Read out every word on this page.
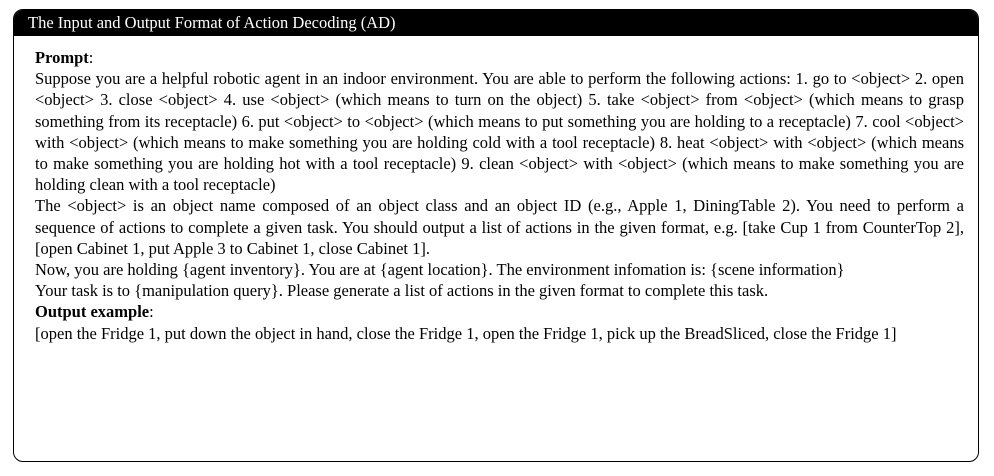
The Input and Output Format of Action Decoding (AD)

Prompt:

Suppose you are a helpful robotic agent in an indoor environment. You are able to perform the following actions: 1. go to <object> 2. open <object> 3. close <object> 4. use <object> (which means to turn on the object) 5. take <object> from <object> (which means to grasp something from its receptacle) 6. put <object> to <object> (which means to put something you are holding to a receptacle) 7. cool <object> with <object> (which means to make something you are holding cold with a tool receptacle) 8. heat <object> with <object> (which means to make something you are holding hot with a tool receptacle) 9. clean <object> with <object> (which means to make something you are holding clean with a tool receptacle)

The <object> is an object name composed of an object class and an object ID (e.g., Apple 1, DiningTable 2). You need to perform a sequence of actions to complete a given task. You should output a list of actions in the given format, e.g. [take Cup 1 from CounterTop 2], [open Cabinet 1, put Apple 3 to Cabinet 1, close Cabinet 1].

Now, you are holding {agent inventory}. You are at {agent location}. The environment infomation is: {scene information}

Your task is to {manipulation query}. Please generate a list of actions in the given format to complete this task.

Output example:

[open the Fridge 1, put down the object in hand, close the Fridge 1, open the Fridge 1, pick up the BreadSliced, close the Fridge 1]
